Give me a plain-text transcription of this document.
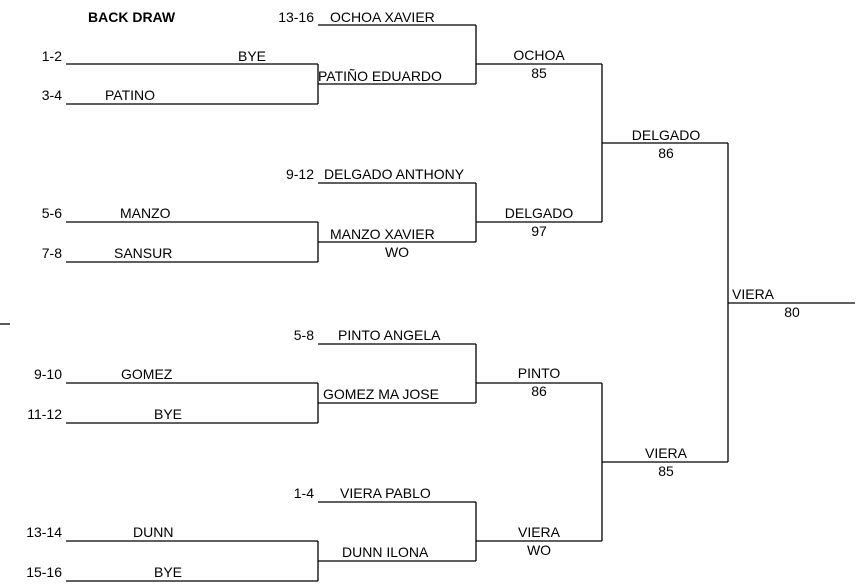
BACK DRAW
1-2	BYE
3-4	PATINO
5-6	MANZO
7-8	SANSUR
9-10	GOMEZ
11-12	BYE
13-14	DUNN
15-16	BYE
13-16 OCHOA XAVIER
PATIÑO EDUARDO
9-12 DELGADO ANTHONY
MANZO XAVIER
WO
5-8 PINTO ANGELA
GOMEZ MA JOSE
1-4 VIERA PABLO
DUNN ILONA
OCHOA
85
DELGADO
97
PINTO
86
VIERA
WO
DELGADO
86
VIERA
85
VIERA
80
